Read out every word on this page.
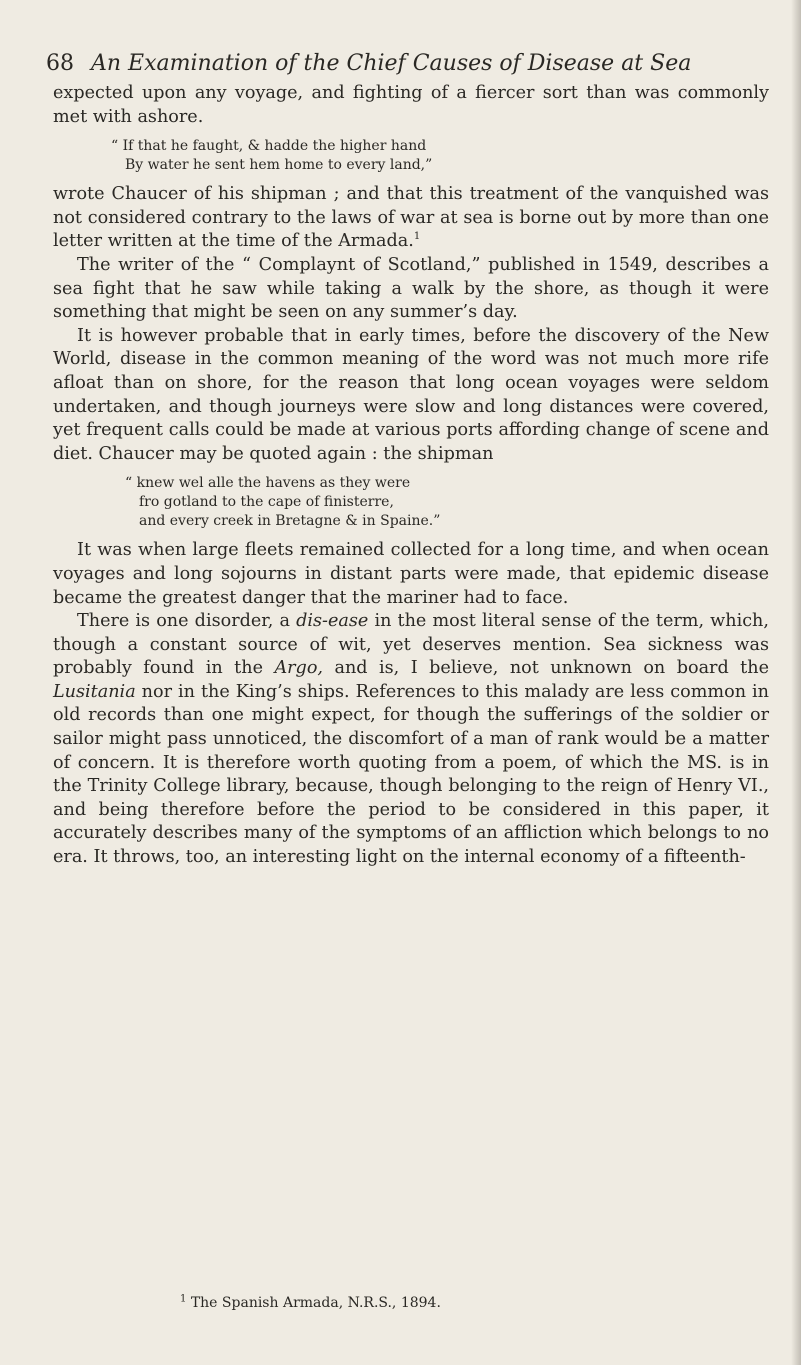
68 An Examination of the Chief Causes of Disease at Sea

expected upon any voyage, and fighting of a fiercer sort than was commonly met with ashore.

“ If that he faught, & hadde the higher hand
By water he sent hem home to every land,”

wrote Chaucer of his shipman ; and that this treatment of the vanquished was not considered contrary to the laws of war at sea is borne out by more than one letter written at the time of the Armada.$^1$

The writer of the “ Complaynt of Scotland,” published in 1549, describes a sea fight that he saw while taking a walk by the shore, as though it were something that might be seen on any summer’s day.

It is however probable that in early times, before the discovery of the New World, disease in the common meaning of the word was not much more rife afloat than on shore, for the reason that long ocean voyages were seldom undertaken, and though journeys were slow and long distances were covered, yet frequent calls could be made at various ports affording change of scene and diet. Chaucer may be quoted again : the shipman

“ knew wel alle the havens as they were
fro gotland to the cape of finisterre,
and every creek in Bretagne & in Spaine.”

It was when large fleets remained collected for a long time, and when ocean voyages and long sojourns in distant parts were made, that epidemic disease became the greatest danger that the mariner had to face.

There is one disorder, a dis-ease in the most literal sense of the term, which, though a constant source of wit, yet deserves mention. Sea sickness was probably found in the Argo, and is, I believe, not unknown on board the Lusitania nor in the King’s ships. References to this malady are less common in old records than one might expect, for though the sufferings of the soldier or sailor might pass unnoticed, the discomfort of a man of rank would be a matter of concern. It is therefore worth quoting from a poem, of which the MS. is in the Trinity College library, because, though belonging to the reign of Henry VI., and being therefore before the period to be considered in this paper, it accurately describes many of the symptoms of an affliction which belongs to no era. It throws, too, an interesting light on the internal economy of a fifteenth-

$^1$ The Spanish Armada, N.R.S., 1894.
